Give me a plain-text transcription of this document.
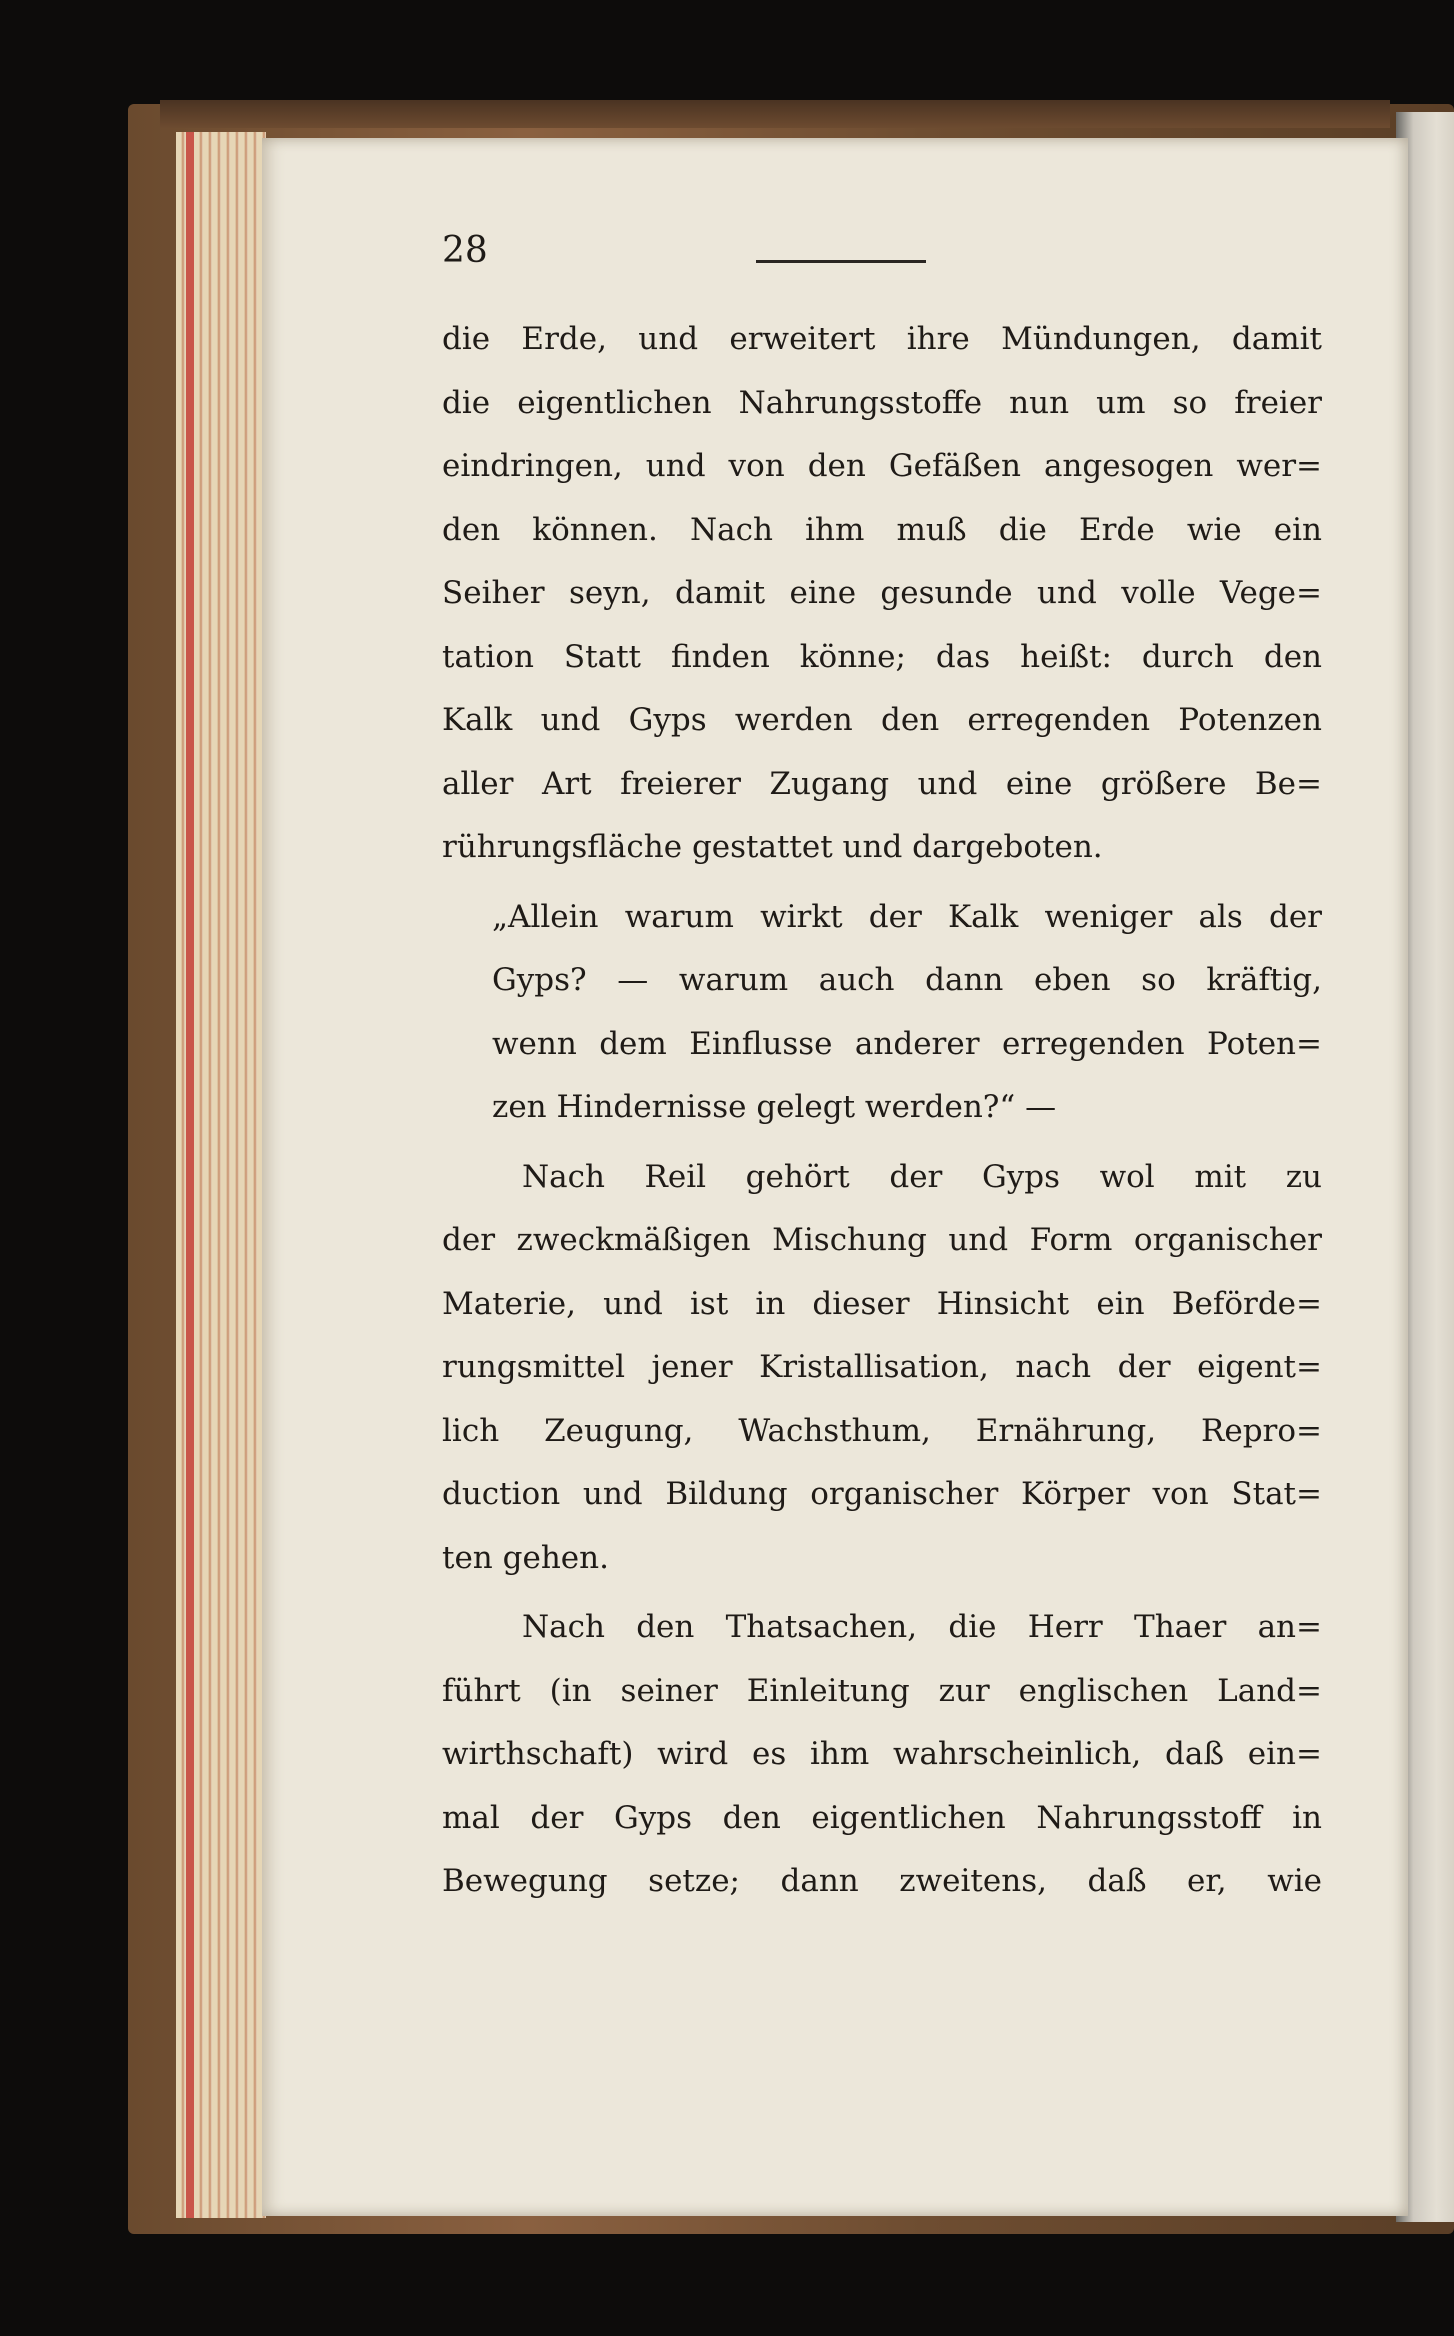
28
die Erde, und erweitert ihre Mündungen, damit
die eigentlichen Nahrungsstoffe nun um so freier
eindringen, und von den Gefäßen angesogen wer=
den können. Nach ihm muß die Erde wie ein
Seiher seyn, damit eine gesunde und volle Vege=
tation Statt finden könne; das heißt: durch den
Kalk und Gyps werden den erregenden Potenzen
aller Art freierer Zugang und eine größere Be=
rührungsfläche gestattet und dargeboten.
„Allein warum wirkt der Kalk weniger als der
Gyps? — warum auch dann eben so kräftig,
wenn dem Einflusse anderer erregenden Poten=
zen Hindernisse gelegt werden?“ —
Nach Reil gehört der Gyps wol mit zu
der zweckmäßigen Mischung und Form organischer
Materie, und ist in dieser Hinsicht ein Beförde=
rungsmittel jener Kristallisation, nach der eigent=
lich Zeugung, Wachsthum, Ernährung, Repro=
duction und Bildung organischer Körper von Stat=
ten gehen.
Nach den Thatsachen, die Herr Thaer an=
führt (in seiner Einleitung zur englischen Land=
wirthschaft) wird es ihm wahrscheinlich, daß ein=
mal der Gyps den eigentlichen Nahrungsstoff in
Bewegung setze; dann zweitens, daß er, wie
